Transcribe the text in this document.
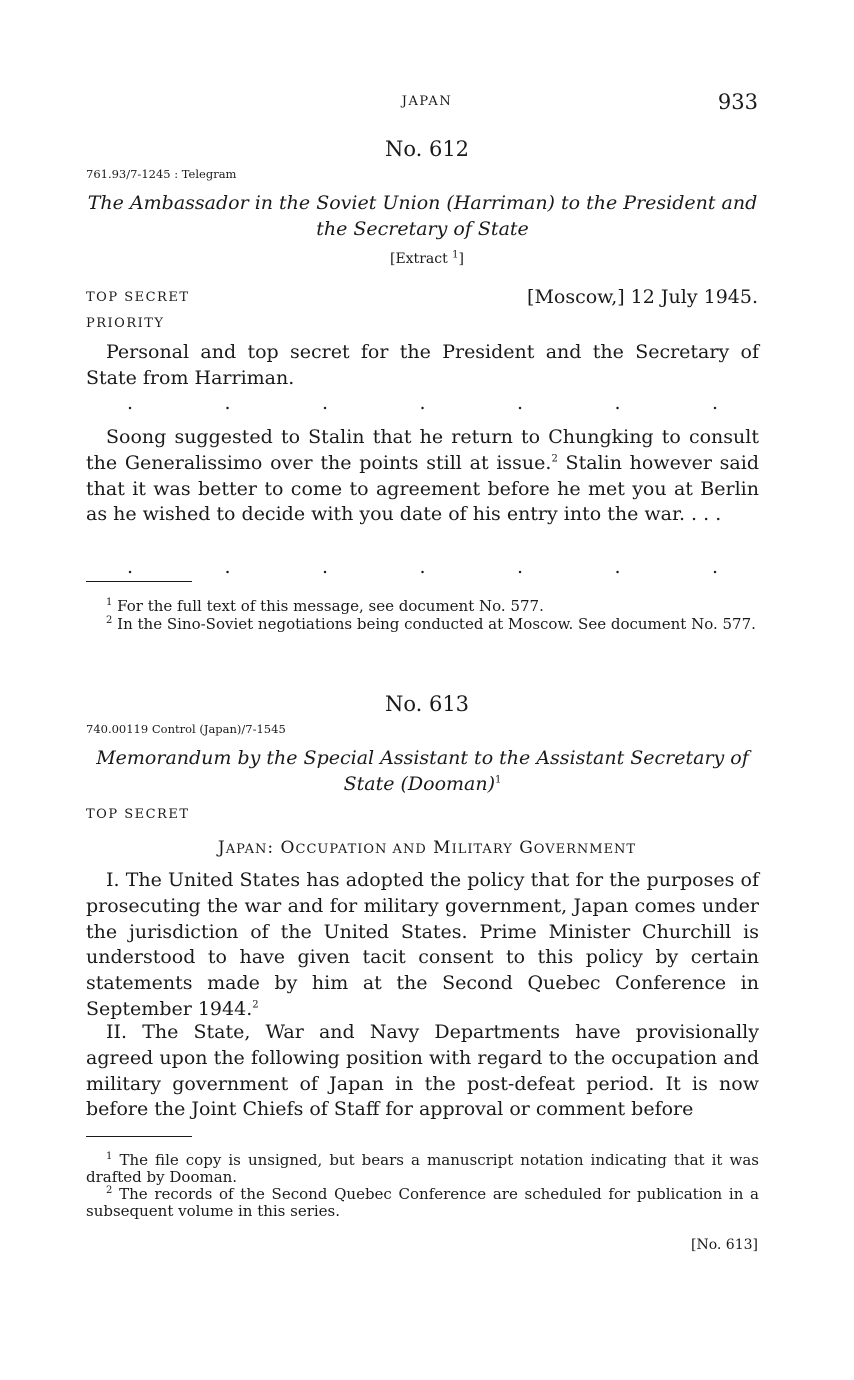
JAPAN	933
No. 612
761.93/7-1245 : Telegram
The Ambassador in the Soviet Union (Harriman) to the President and
the Secretary of State
[Extract $^1$]
TOP SECRET	[Moscow,] 12 July 1945.
PRIORITY

Personal and top secret for the President and the Secretary of State from Harriman.

.	.	.	.	.	.	.

Soong suggested to Stalin that he return to Chungking to consult the Generalissimo over the points still at issue.$^2$ Stalin however said that it was better to come to agreement before he met you at Berlin as he wished to decide with you date of his entry into the war. . . .

.	.	.	.	.	.	.

$^1$ For the full text of this message, see document No. 577.

$^2$ In the Sino-Soviet negotiations being conducted at Moscow. See document No. 577.

No. 613
740.00119 Control (Japan)/7-1545
Memorandum by the Special Assistant to the Assistant Secretary of
State (Dooman)$^1$
TOP SECRET
JAPAN: OCCUPATION AND MILITARY GOVERNMENT

I. The United States has adopted the policy that for the purposes of prosecuting the war and for military government, Japan comes under the jurisdiction of the United States. Prime Minister Churchill is understood to have given tacit consent to this policy by certain statements made by him at the Second Quebec Conference in September 1944.$^2$

II. The State, War and Navy Departments have provisionally agreed upon the following position with regard to the occupation and military government of Japan in the post-defeat period. It is now before the Joint Chiefs of Staff for approval or comment before

$^1$ The file copy is unsigned, but bears a manuscript notation indicating that it was drafted by Dooman.

$^2$ The records of the Second Quebec Conference are scheduled for publication in a subsequent volume in this series.

[No. 613]
